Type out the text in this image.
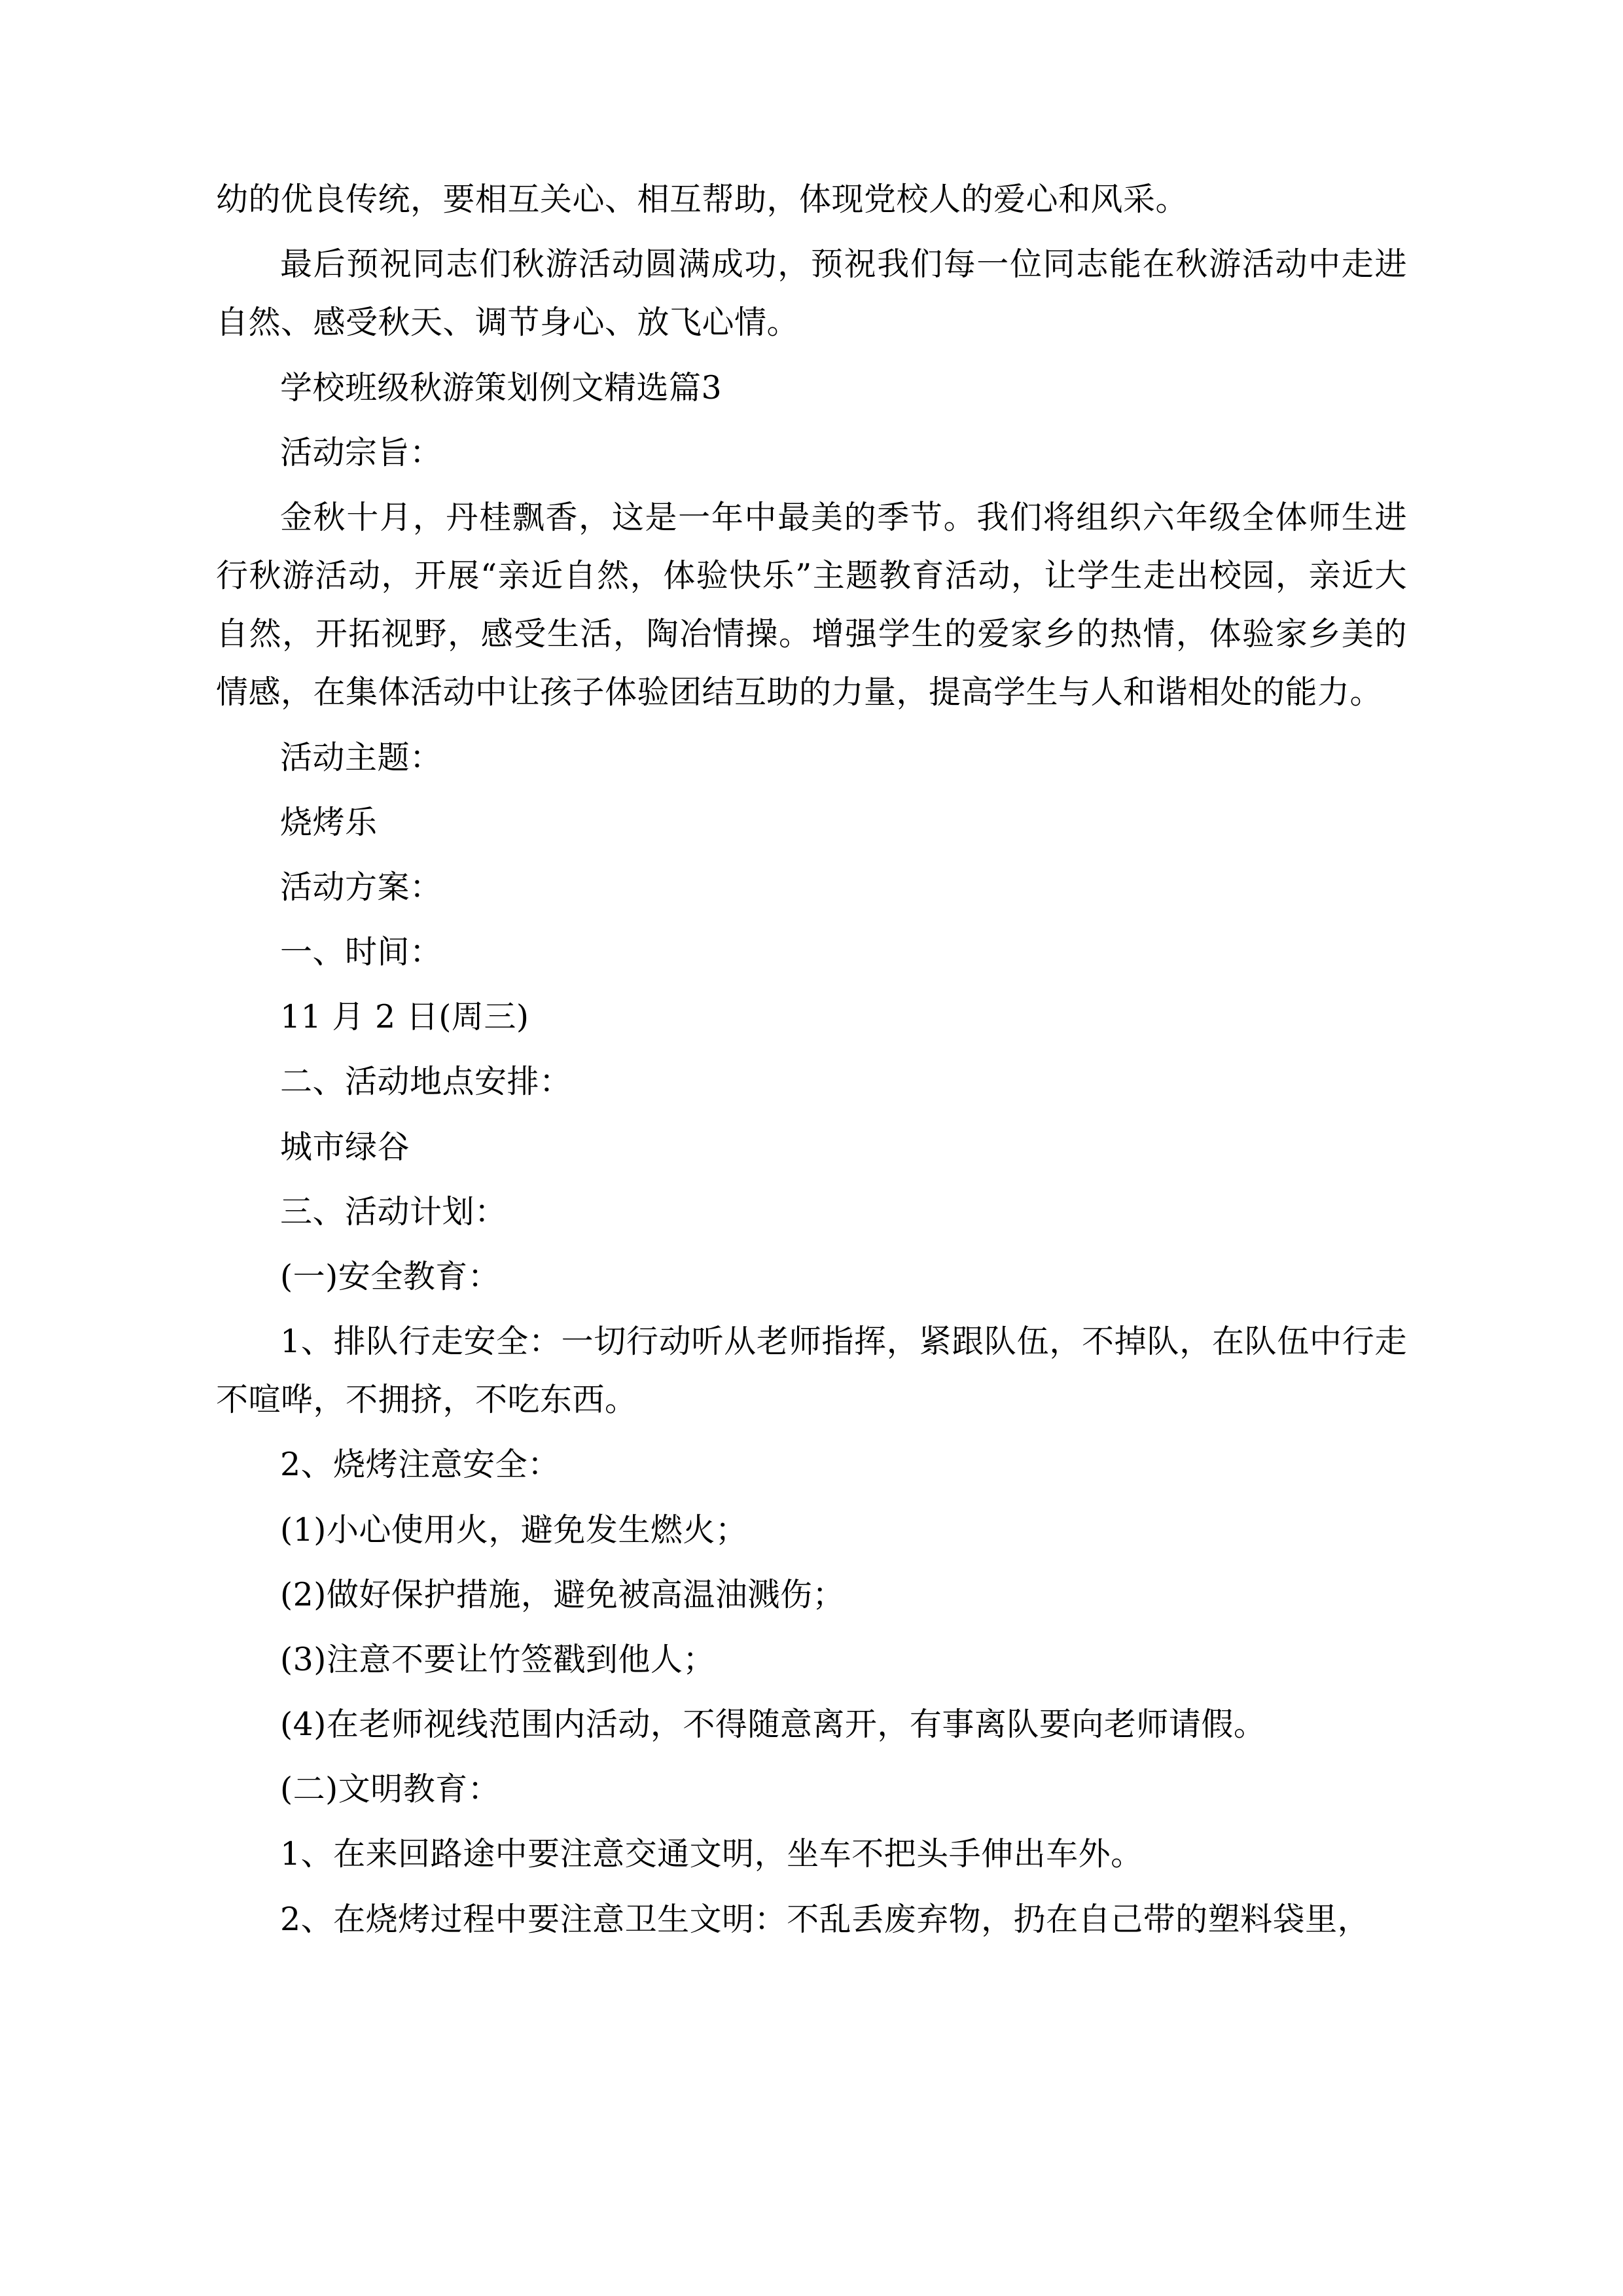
幼的优良传统，要相互关心、相互帮助，体现党校人的爱心和风采。

最后预祝同志们秋游活动圆满成功，预祝我们每一位同志能在秋游活动中走进自然、感受秋天、调节身心、放飞心情。

学校班级秋游策划例文精选篇3

活动宗旨：

金秋十月，丹桂飘香，这是一年中最美的季节。我们将组织六年级全体师生进行秋游活动，开展“亲近自然，体验快乐”主题教育活动，让学生走出校园，亲近大自然，开拓视野，感受生活，陶冶情操。增强学生的爱家乡的热情，体验家乡美的情感，在集体活动中让孩子体验团结互助的力量，提高学生与人和谐相处的能力。

活动主题：

烧烤乐

活动方案：

一、时间：

11 月 2 日(周三)

二、活动地点安排：

城市绿谷

三、活动计划：

(一)安全教育：

1、排队行走安全：一切行动听从老师指挥，紧跟队伍，不掉队，在队伍中行走不喧哗，不拥挤，不吃东西。

2、烧烤注意安全：

(1)小心使用火，避免发生燃火；

(2)做好保护措施，避免被高温油溅伤；

(3)注意不要让竹签戳到他人；

(4)在老师视线范围内活动，不得随意离开，有事离队要向老师请假。

(二)文明教育：

1、在来回路途中要注意交通文明，坐车不把头手伸出车外。

2、在烧烤过程中要注意卫生文明：不乱丢废弃物，扔在自己带的塑料袋里，
